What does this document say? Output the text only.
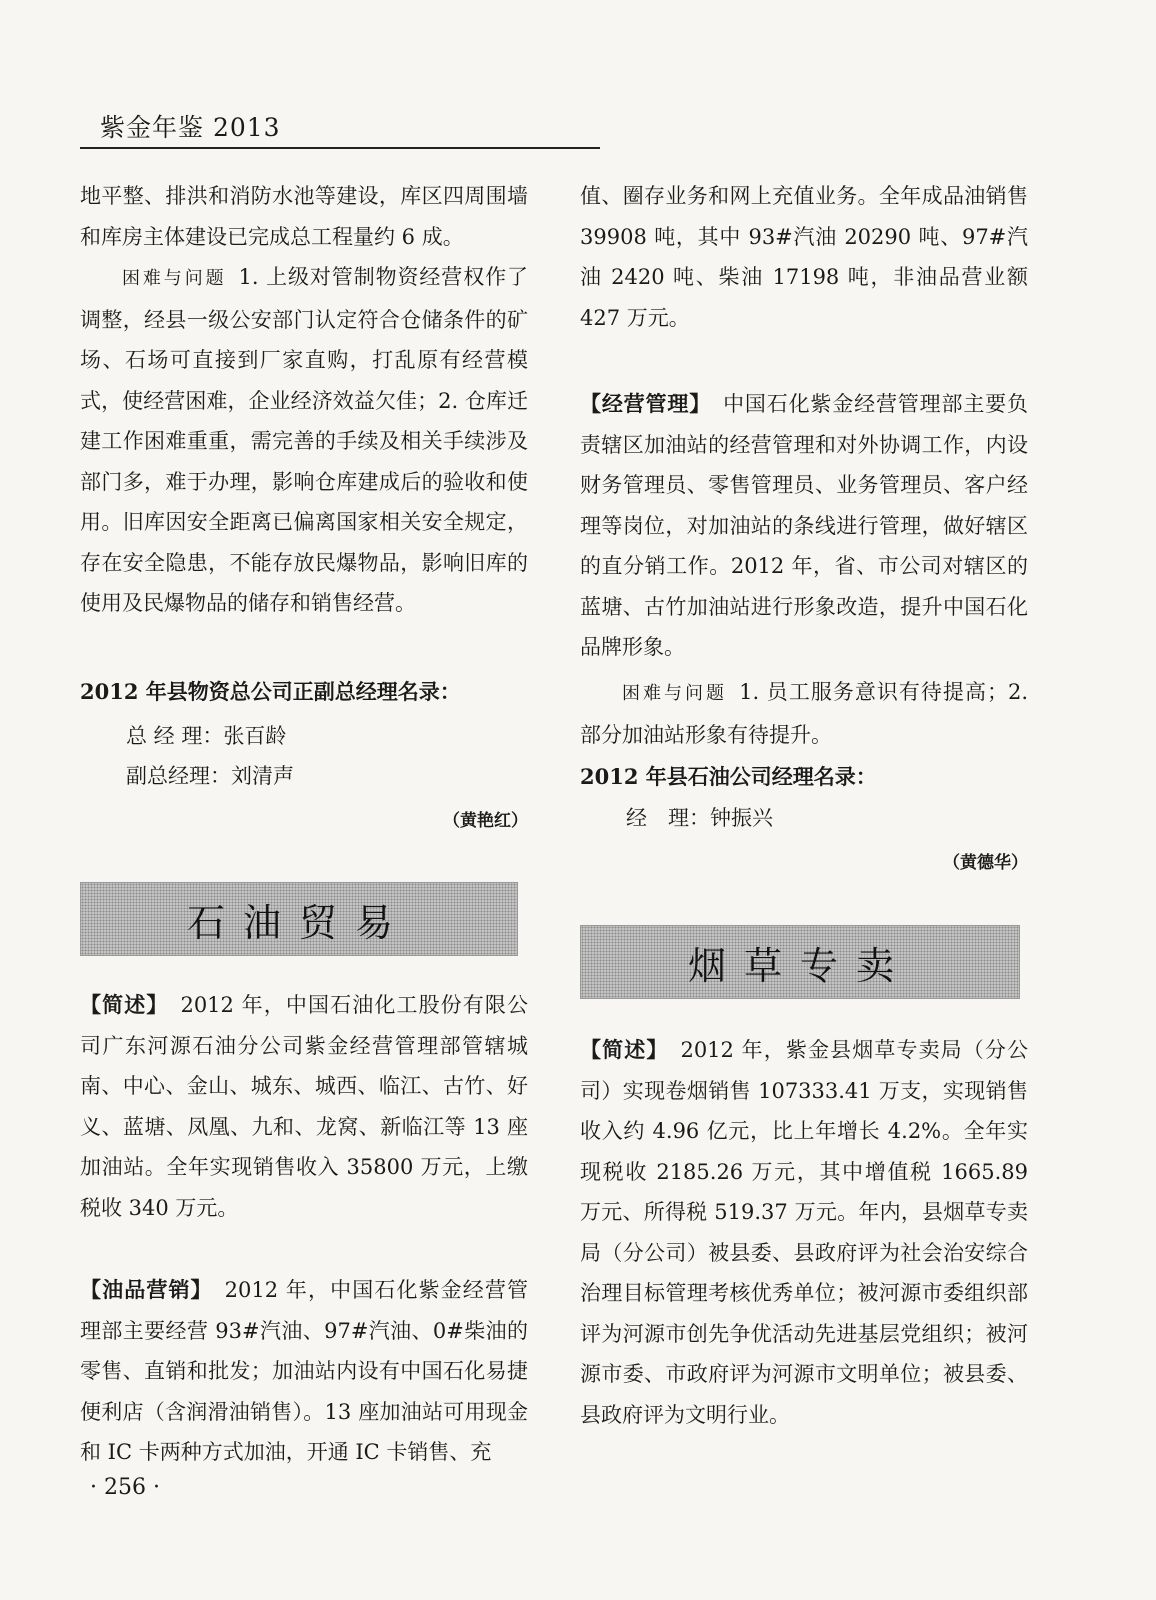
紫金年鉴 2013

地平整、排洪和消防水池等建设，库区四周围墙和库房主体建设已完成总工程量约 6 成。

困难与问题 1. 上级对管制物资经营权作了调整，经县一级公安部门认定符合仓储条件的矿场、石场可直接到厂家直购，打乱原有经营模式，使经营困难，企业经济效益欠佳；2. 仓库迁建工作困难重重，需完善的手续及相关手续涉及部门多，难于办理，影响仓库建成后的验收和使用。旧库因安全距离已偏离国家相关安全规定，存在安全隐患，不能存放民爆物品，影响旧库的使用及民爆物品的储存和销售经营。

2012 年县物资总公司正副总经理名录：

总 经 理：张百龄
副总经理：刘清声
（黄艳红）
石油贸易

【简述】 2012 年，中国石油化工股份有限公司广东河源石油分公司紫金经营管理部管辖城南、中心、金山、城东、城西、临江、古竹、好义、蓝塘、凤凰、九和、龙窝、新临江等 13 座加油站。全年实现销售收入 35800 万元，上缴税收 340 万元。

【油品营销】 2012 年，中国石化紫金经营管理部主要经营 93#汽油、97#汽油、0#柴油的零售、直销和批发；加油站内设有中国石化易捷便利店（含润滑油销售）。13 座加油站可用现金和 IC 卡两种方式加油，开通 IC 卡销售、充

值、圈存业务和网上充值业务。全年成品油销售 39908 吨，其中 93#汽油 20290 吨、97#汽油 2420 吨、柴油 17198 吨，非油品营业额 427 万元。

【经营管理】 中国石化紫金经营管理部主要负责辖区加油站的经营管理和对外协调工作，内设财务管理员、零售管理员、业务管理员、客户经理等岗位，对加油站的条线进行管理，做好辖区的直分销工作。2012 年，省、市公司对辖区的蓝塘、古竹加油站进行形象改造，提升中国石化品牌形象。

困难与问题 1. 员工服务意识有待提高；2. 部分加油站形象有待提升。

2012 年县石油公司经理名录：

经　理：钟振兴
（黄德华）
烟草专卖

【简述】 2012 年，紫金县烟草专卖局（分公司）实现卷烟销售 107333.41 万支，实现销售收入约 4.96 亿元，比上年增长 4.2%。全年实现税收 2185.26 万元，其中增值税 1665.89 万元、所得税 519.37 万元。年内，县烟草专卖局（分公司）被县委、县政府评为社会治安综合治理目标管理考核优秀单位；被河源市委组织部评为河源市创先争优活动先进基层党组织；被河源市委、市政府评为河源市文明单位；被县委、县政府评为文明行业。

· 256 ·
